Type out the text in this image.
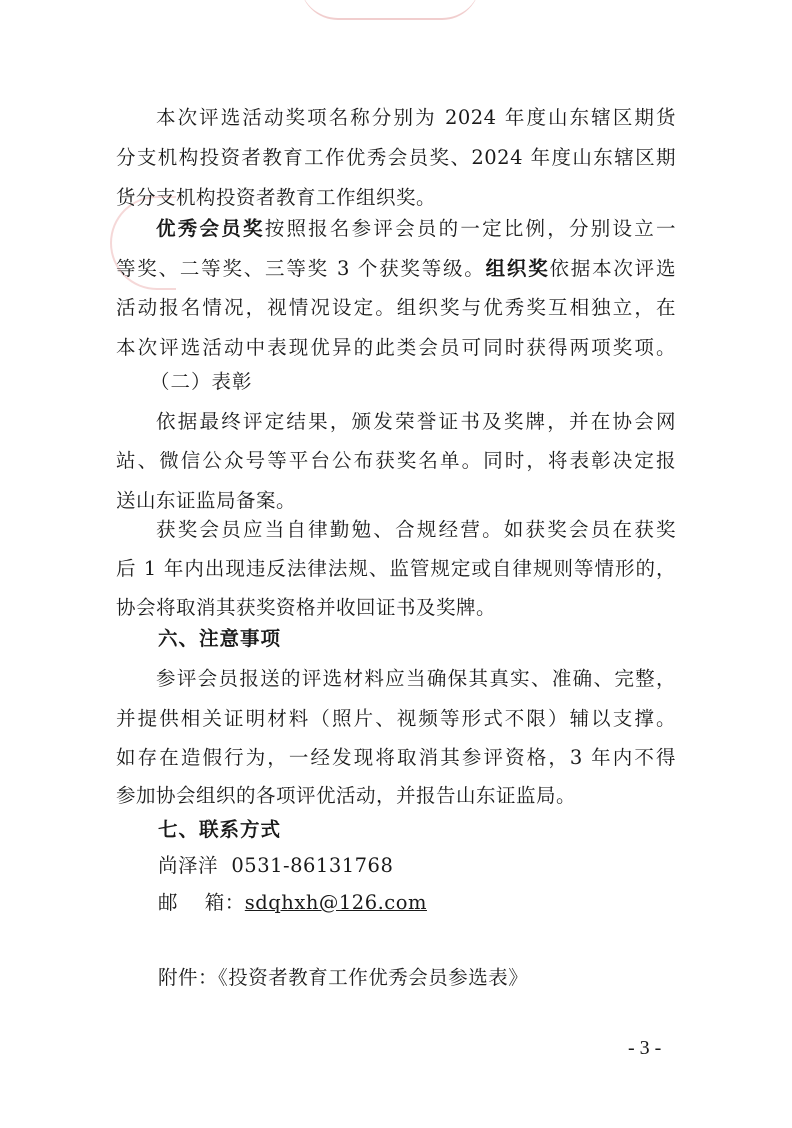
本次评选活动奖项名称分别为 2024 年度山东辖区期货
分支机构投资者教育工作优秀会员奖、2024 年度山东辖区期
货分支机构投资者教育工作组织奖。
优秀会员奖按照报名参评会员的一定比例，分别设立一
等奖、二等奖、三等奖 3 个获奖等级。组织奖依据本次评选
活动报名情况，视情况设定。组织奖与优秀奖互相独立，在
本次评选活动中表现优异的此类会员可同时获得两项奖项。
（二）表彰
依据最终评定结果，颁发荣誉证书及奖牌，并在协会网
站、微信公众号等平台公布获奖名单。同时，将表彰决定报
送山东证监局备案。
获奖会员应当自律勤勉、合规经营。如获奖会员在获奖
后 1 年内出现违反法律法规、监管规定或自律规则等情形的，
协会将取消其获奖资格并收回证书及奖牌。
六、注意事项
参评会员报送的评选材料应当确保其真实、准确、完整，
并提供相关证明材料（照片、视频等形式不限）辅以支撑。
如存在造假行为，一经发现将取消其参评资格，3 年内不得
参加协会组织的各项评优活动，并报告山东证监局。
七、联系方式
尚泽洋  0531-86131768
邮    箱：sdqhxh@126.com
附件：《投资者教育工作优秀会员参选表》
- 3 -
